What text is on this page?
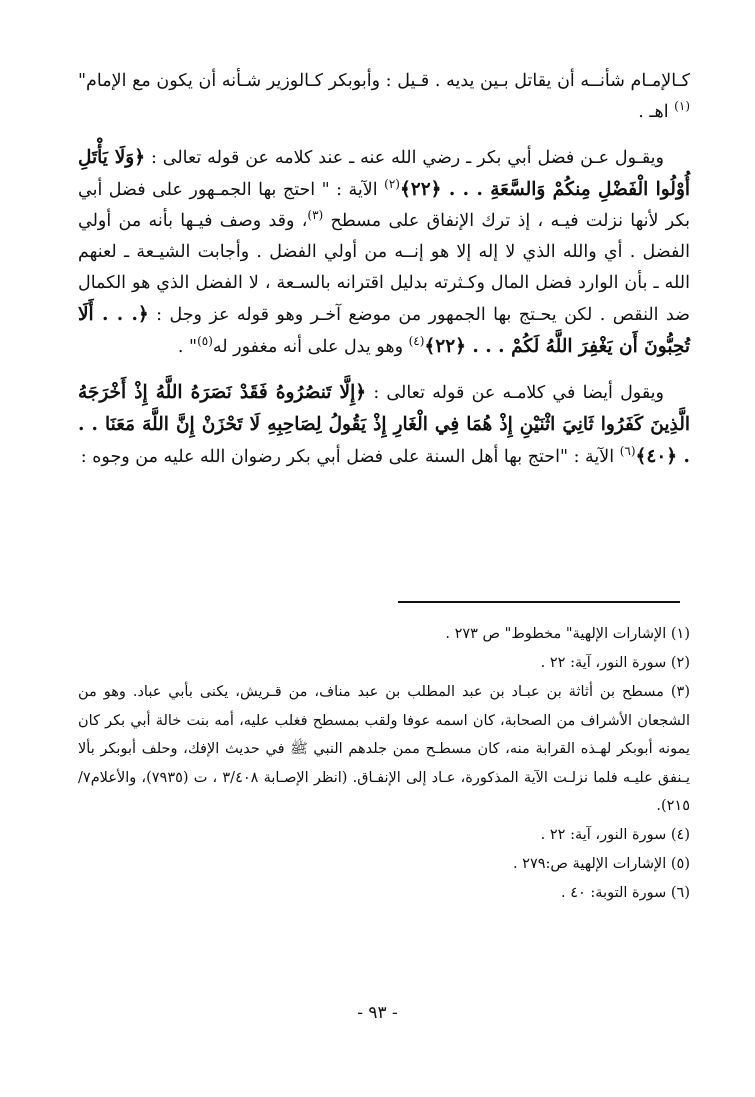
كـالإمـام شأنــه أن يقاتل بـين يديه . قـيل : وأبوبكر كـالوزير شـأنه أن يكون مع الإمام"$^{(١)}$ اهـ .

ويقـول عـن فضل أبي بكر ـ رضي الله عنه ـ عند كلامه عن قوله تعالى : ﴿وَلَا يَأْتَلِ أُوْلُوا الْفَضْلِ مِنكُمْ وَالسَّعَةِ . . . ﴿٢٢﴾$^{(٢)}$ الآية : " احتج بها الجمـهور على فضل أبي بكر لأنها نزلت فيـه ، إذ ترك الإنفاق على مسطح $^{(٣)}$، وقد وصف فيـها بأنه من أولي الفضل . أي والله الذي لا إله إلا هو إنــه من أولي الفضل . وأجابت الشيـعة ـ لعنهم الله ـ بأن الوارد فضل المال وكـثرته بدليل اقترانه بالسـعة ، لا الفضل الذي هو الكمال ضد النقص . لكن يحـتج بها الجمهور من موضع آخـر وهو قوله عز وجل : ﴿. . . أَلَا تُحِبُّونَ أَن يَغْفِرَ اللَّهُ لَكُمْ . . . ﴿٢٢﴾$^{(٤)}$ وهو يدل على أنه مغفور له$^{(٥)}$" .

ويقول أيضا في كلامـه عن قوله تعالى : ﴿إِلَّا تَنصُرُوهُ فَقَدْ نَصَرَهُ اللَّهُ إِذْ أَخْرَجَهُ الَّذِينَ كَفَرُوا ثَانِيَ اثْنَيْنِ إِذْ هُمَا فِي الْغَارِ إِذْ يَقُولُ لِصَاحِبِهِ لَا تَحْزَنْ إِنَّ اللَّهَ مَعَنَا . . . ﴿٤٠﴾$^{(٦)}$ الآية : "احتج بها أهل السنة على فضل أبي بكر رضوان الله عليه من وجوه :

(١) الإشارات الإلهية" مخطوط" ص ٢٧٣ .

(٢) سورة النور، آية: ٢٢ .

(٣) مسطح بن أثاثة بن عبـاد بن عبد المطلب بن عبد مناف، من قـريش، يكنى بأبي عباد. وهو من الشجعان الأشراف من الصحابة، كان اسمه عوفا ولقب بمسطح فغلب عليه، أمه بنت خالة أبي بكر كان يمونه أبوبكر لهـذه القرابة منه، كان مسطـح ممن جلدهم النبي ﷺ في حديث الإفك، وحلف أبوبكر بألا يـنفق عليـه فلما نزلـت الآية المذكورة، عـاد إلى الإنفـاق. (انظر الإصـابة ٣/٤٠٨ ، ت (٧٩٣٥)، والأعلام٧/ ٢١٥).

(٤) سورة النور، آية: ٢٢ .

(٥) الإشارات الإلهية ص:٢٧٩ .

(٦) سورة التوبة: ٤٠ .

- ٩٣ -
